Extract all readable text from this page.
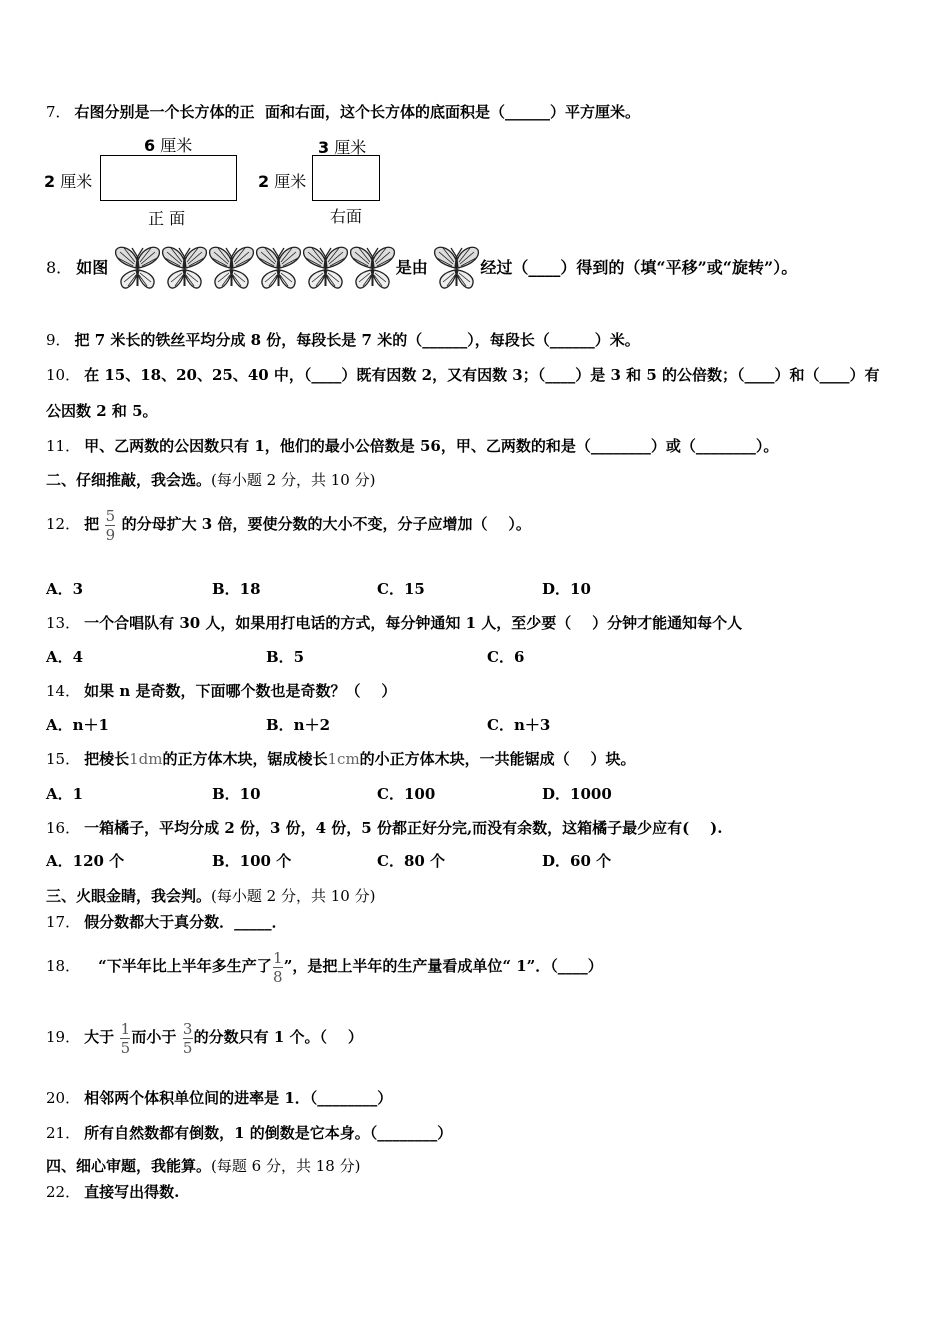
7． 右图分别是一个长方体的正  面和右面，这个长方体的底面积是（______）平方厘米。
6 厘米
2 厘米
正 面
3 厘米
2 厘米
右面
8． 如图	是由	经过（____）得到的（填“平移”或“旋转”）。
9． 把 7 米长的铁丝平均分成 8 份，每段长是 7 米的（______），每段长（______）米。
10． 在 15、18、20、25、40 中，（____）既有因数 2，又有因数 3；（____）是 3 和 5 的公倍数；（____）和（____）有
公因数 2 和 5。
11． 甲、乙两数的公因数只有 1，他们的最小公倍数是 56，甲、乙两数的和是（________）或（________）。
二、仔细推敲，我会选。(每小题 2 分，共 10 分)
12． 把 $\frac{5}{9}$ 的分母扩大 3 倍，要使分数的大小不变，分子应增加（    ）。
A．3	B．18	C．15	D．10
13． 一个合唱队有 30 人，如果用打电话的方式，每分钟通知 1 人，至少要（    ）分钟才能通知每个人
A．4	B．5	C．6
14． 如果 n 是奇数，下面哪个数也是奇数？（    ）
A．n＋1	B．n＋2	C．n＋3
15． 把棱长1dm的正方体木块，锯成棱长1cm的小正方体木块，一共能锯成（    ）块。
A．1	B．10	C．100	D．1000
16． 一箱橘子，平均分成 2 份，3 份，4 份，5 份都正好分完,而没有余数，这箱橘子最少应有(    ).
A．120 个	B．100 个	C．80 个	D．60 个
三、火眼金睛，我会判。(每小题 2 分，共 10 分)
17． 假分数都大于真分数．_____．
18． “下半年比上半年多生产了 $\frac{1}{8}$ ”，是把上半年的生产量看成单位“ 1”．（____）
19． 大于 $\frac{1}{5}$ 而小于 $\frac{3}{5}$ 的分数只有 1 个。（    ）
20． 相邻两个体积单位间的进率是 1．（________）
21． 所有自然数都有倒数，1 的倒数是它本身。（________）
四、细心审题，我能算。(每题 6 分，共 18 分)
22． 直接写出得数.
